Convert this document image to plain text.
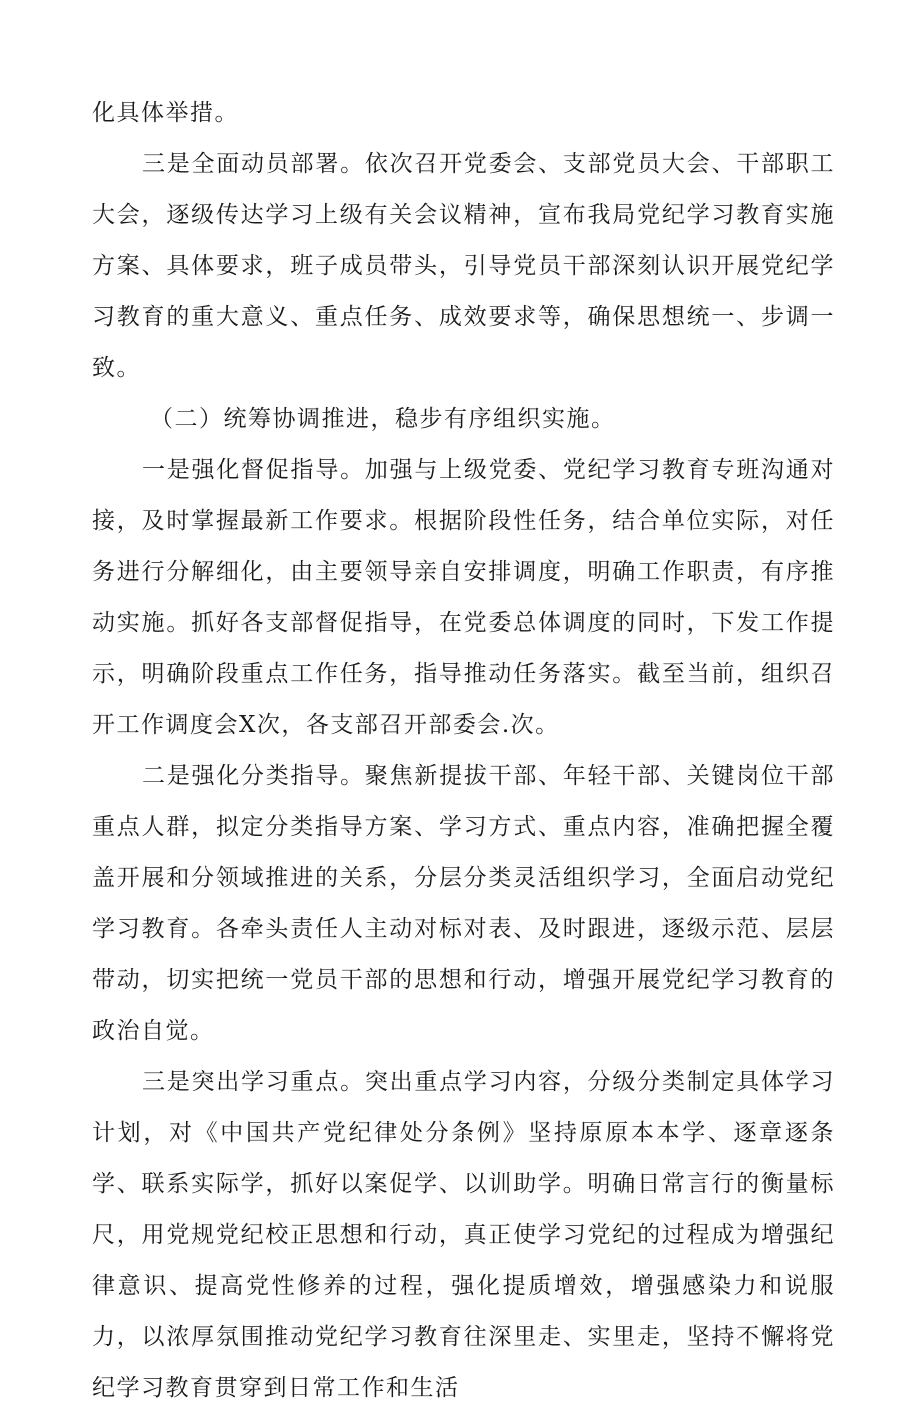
化具体举措。

三是全面动员部署。依次召开党委会、支部党员大会、干部职工大会，逐级传达学习上级有关会议精神，宣布我局党纪学习教育实施方案、具体要求，班子成员带头，引导党员干部深刻认识开展党纪学习教育的重大意义、重点任务、成效要求等，确保思想统一、步调一致。

（二）统筹协调推进，稳步有序组织实施。

一是强化督促指导。加强与上级党委、党纪学习教育专班沟通对接，及时掌握最新工作要求。根据阶段性任务，结合单位实际，对任务进行分解细化，由主要领导亲自安排调度，明确工作职责，有序推动实施。抓好各支部督促指导，在党委总体调度的同时，下发工作提示，明确阶段重点工作任务，指导推动任务落实。截至当前，组织召开工作调度会X次，各支部召开部委会.次。

二是强化分类指导。聚焦新提拔干部、年轻干部、关键岗位干部重点人群，拟定分类指导方案、学习方式、重点内容，准确把握全覆盖开展和分领域推进的关系，分层分类灵活组织学习，全面启动党纪学习教育。各牵头责任人主动对标对表、及时跟进，逐级示范、层层带动，切实把统一党员干部的思想和行动，增强开展党纪学习教育的政治自觉。

三是突出学习重点。突出重点学习内容，分级分类制定具体学习计划，对《中国共产党纪律处分条例》坚持原原本本学、逐章逐条学、联系实际学，抓好以案促学、以训助学。明确日常言行的衡量标尺，用党规党纪校正思想和行动，真正使学习党纪的过程成为增强纪律意识、提高党性修养的过程，强化提质增效，增强感染力和说服力，以浓厚氛围推动党纪学习教育往深里走、实里走，坚持不懈将党纪学习教育贯穿到日常工作和生活
